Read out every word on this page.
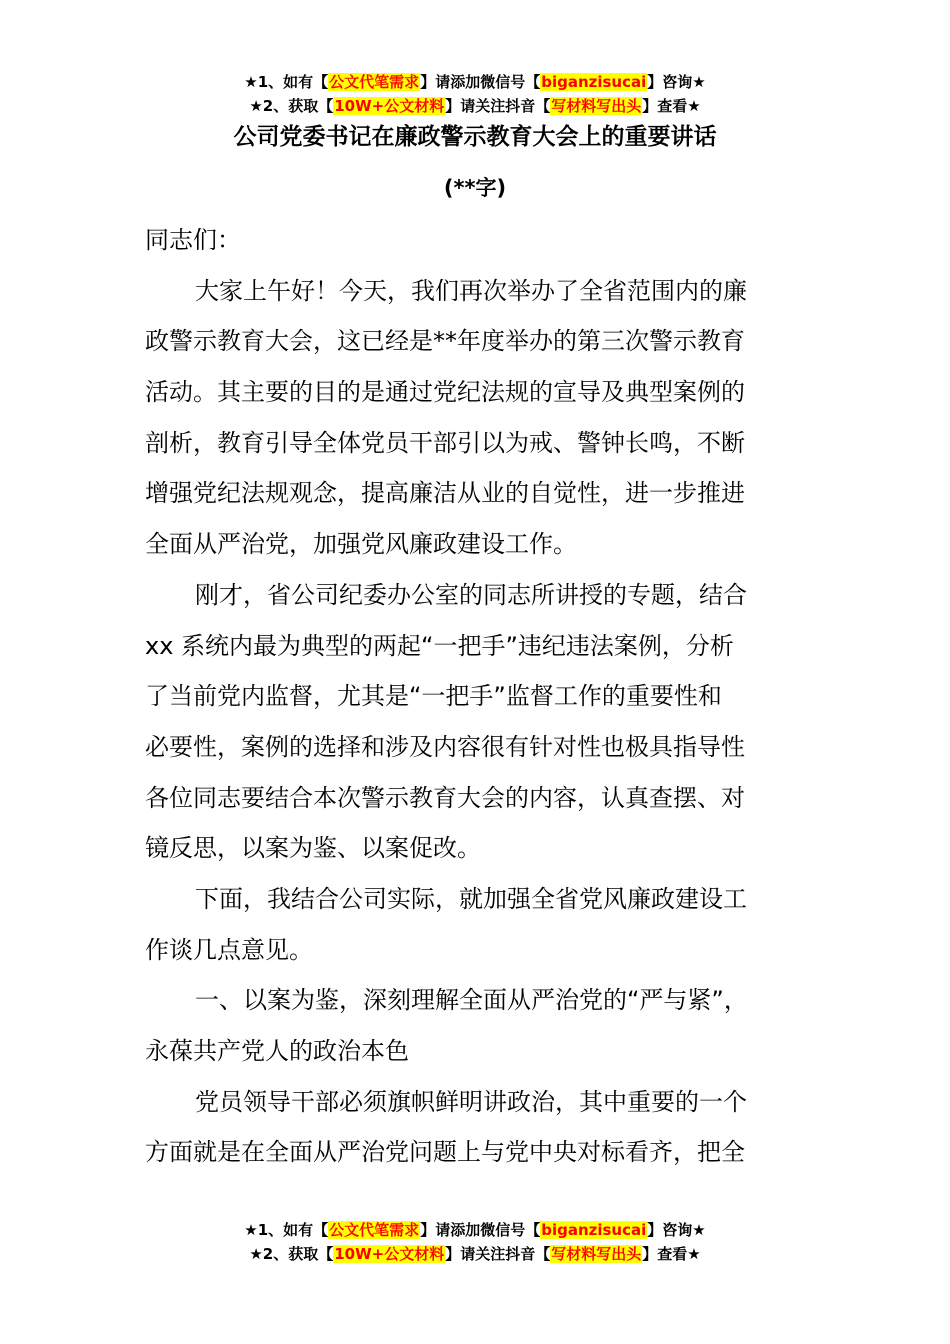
★1、如有【公文代笔需求】请添加微信号【biganzisucai】咨询★
★2、获取【10W+公文材料】请关注抖音【写材料写出头】查看★
公司党委书记在廉政警示教育大会上的重要讲话
(**字)
同志们：
大家上午好！今天，我们再次举办了全省范围内的廉
政警示教育大会，这已经是**年度举办的第三次警示教育
活动。其主要的目的是通过党纪法规的宣导及典型案例的
剖析，教育引导全体党员干部引以为戒、警钟长鸣，不断
增强党纪法规观念，提高廉洁从业的自觉性，进一步推进
全面从严治党，加强党风廉政建设工作。
刚才，省公司纪委办公室的同志所讲授的专题，结合
xx 系统内最为典型的两起“一把手”违纪违法案例，分析
了当前党内监督，尤其是“一把手”监督工作的重要性和
必要性，案例的选择和涉及内容很有针对性也极具指导性
各位同志要结合本次警示教育大会的内容，认真查摆、对
镜反思，以案为鉴、以案促改。
下面，我结合公司实际，就加强全省党风廉政建设工
作谈几点意见。
一、以案为鉴，深刻理解全面从严治党的“严与紧”，
永葆共产党人的政治本色
党员领导干部必须旗帜鲜明讲政治，其中重要的一个
方面就是在全面从严治党问题上与党中央对标看齐，把全
★1、如有【公文代笔需求】请添加微信号【biganzisucai】咨询★
★2、获取【10W+公文材料】请关注抖音【写材料写出头】查看★
